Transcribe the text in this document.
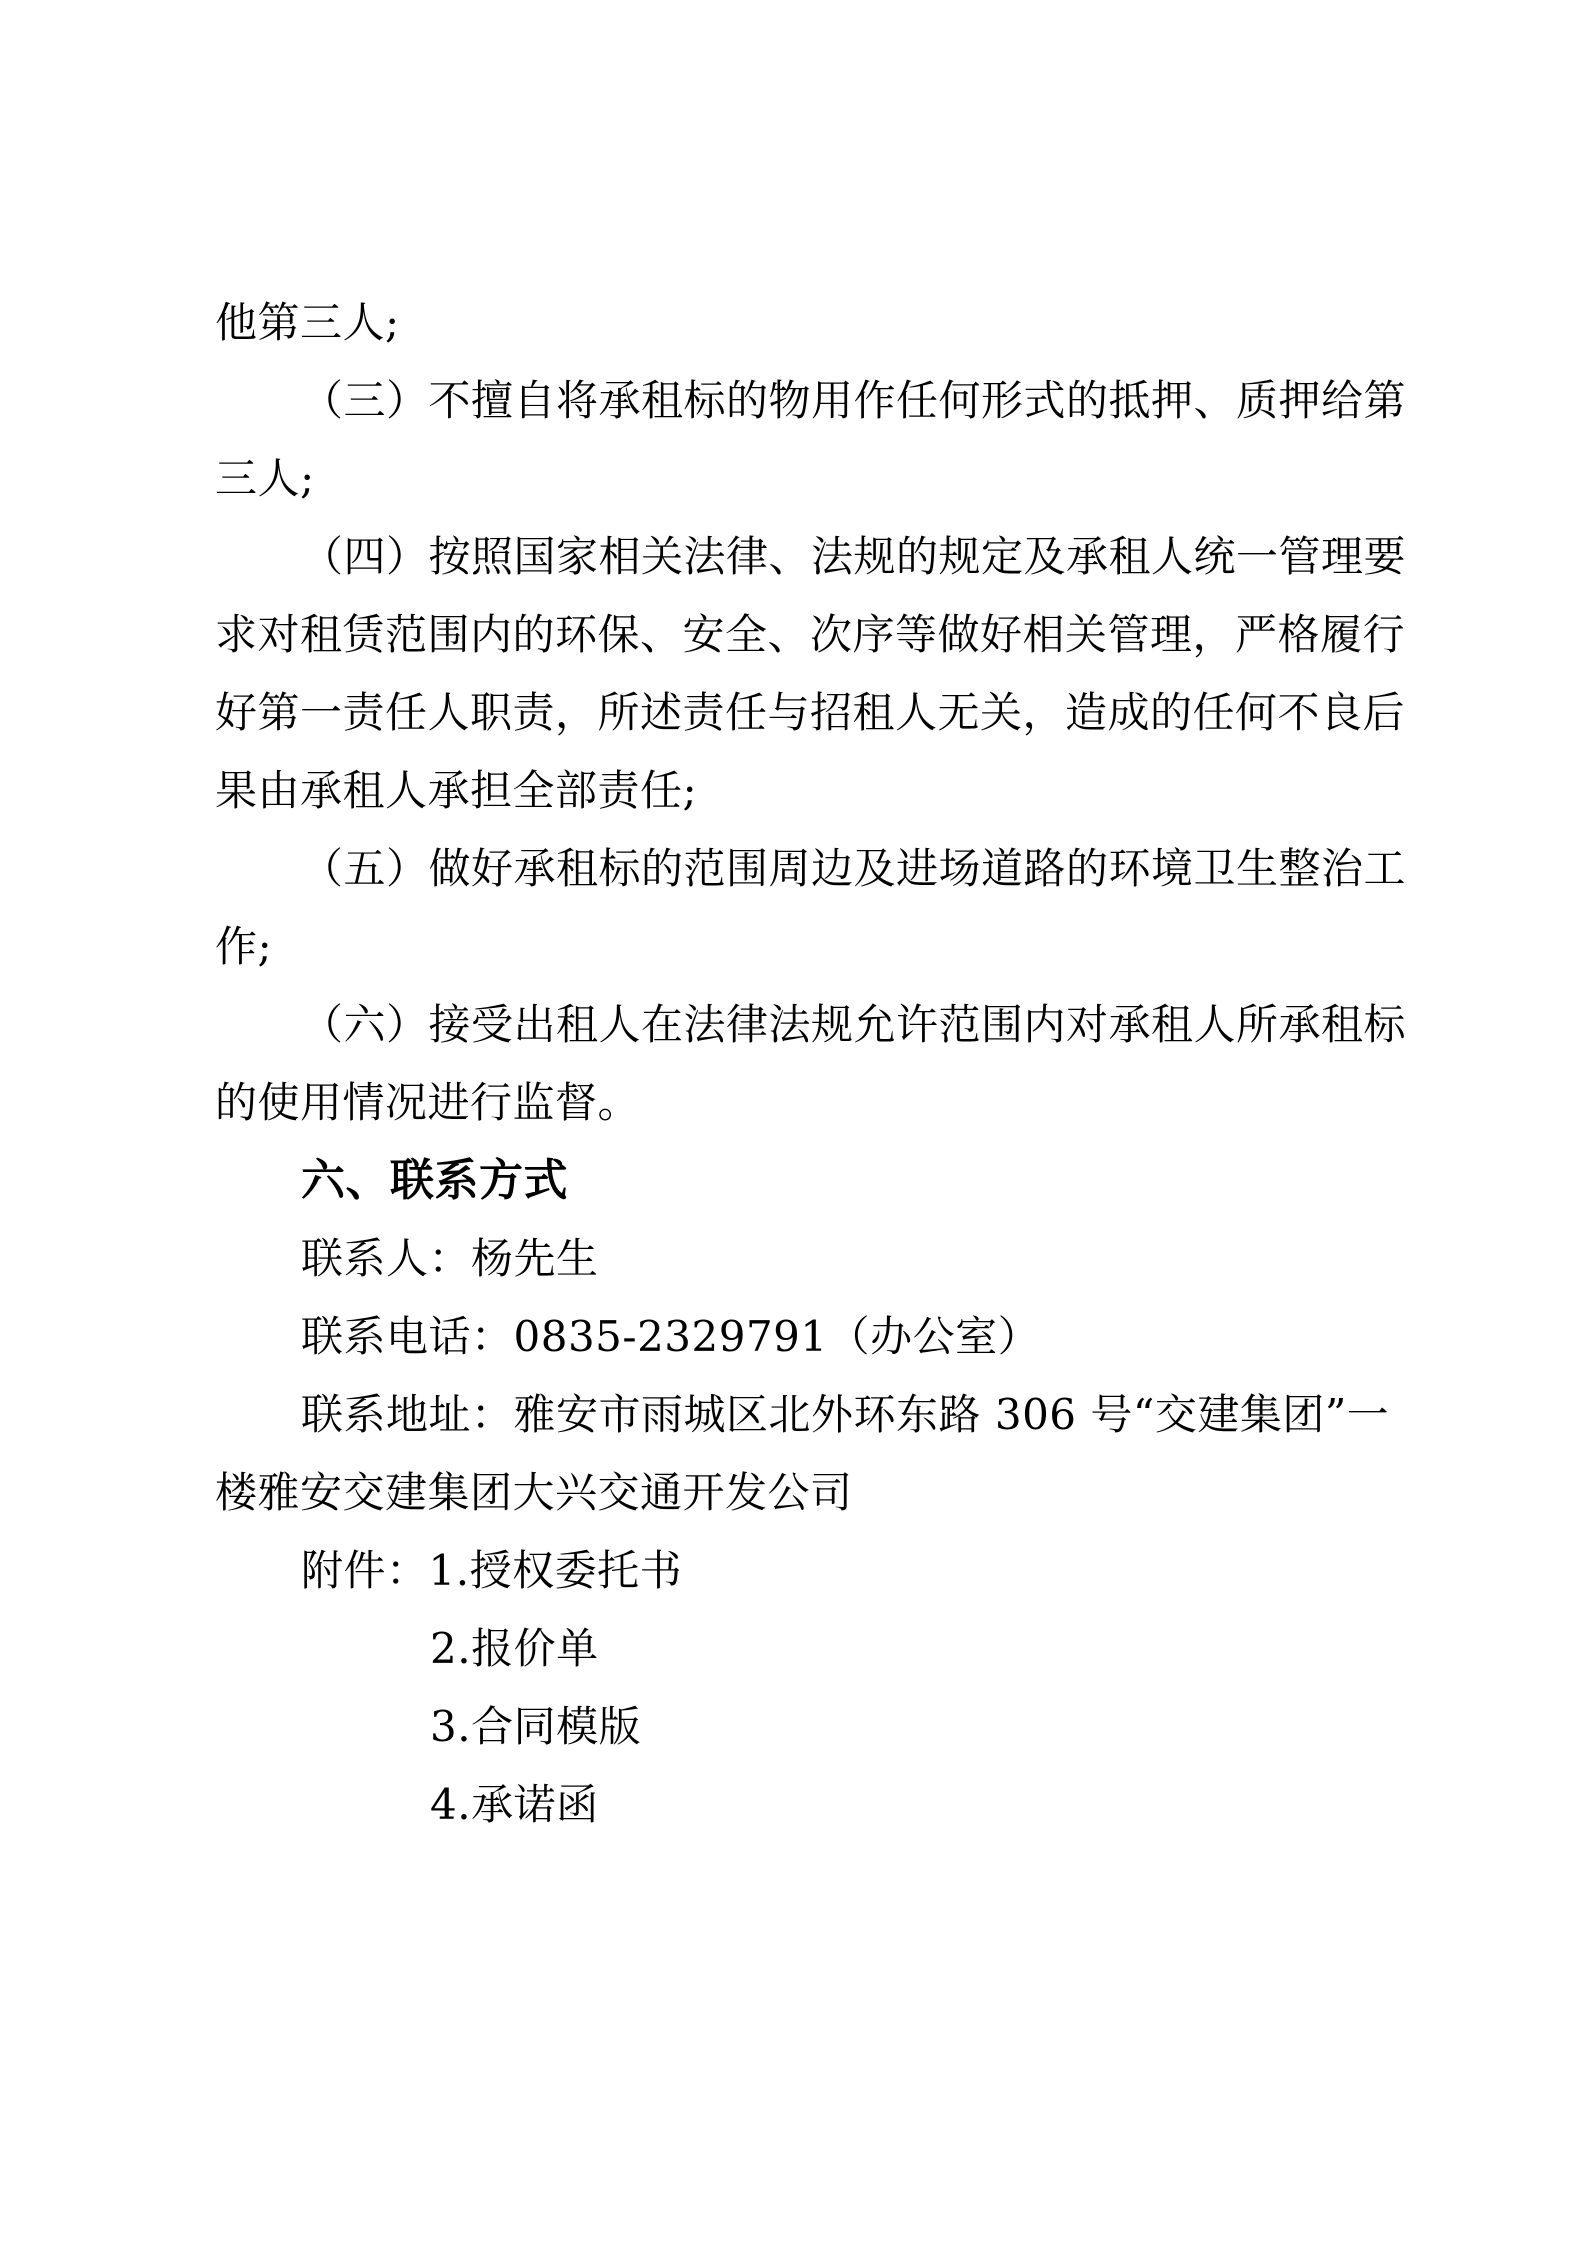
他第三人;
（三）不擅自将承租标的物用作任何形式的抵押、质押给第
三人;
（四）按照国家相关法律、法规的规定及承租人统一管理要
求对租赁范围内的环保、安全、次序等做好相关管理，严格履行
好第一责任人职责，所述责任与招租人无关，造成的任何不良后
果由承租人承担全部责任;
（五）做好承租标的范围周边及进场道路的环境卫生整治工
作;
（六）接受出租人在法律法规允许范围内对承租人所承租标
的使用情况进行监督。
六、联系方式
联系人：杨先生
联系电话：0835-2329791（办公室）
联系地址：雅安市雨城区北外环东路 306 号“交建集团”一
楼雅安交建集团大兴交通开发公司
附件：1.授权委托书
2.报价单
3.合同模版
4.承诺函
